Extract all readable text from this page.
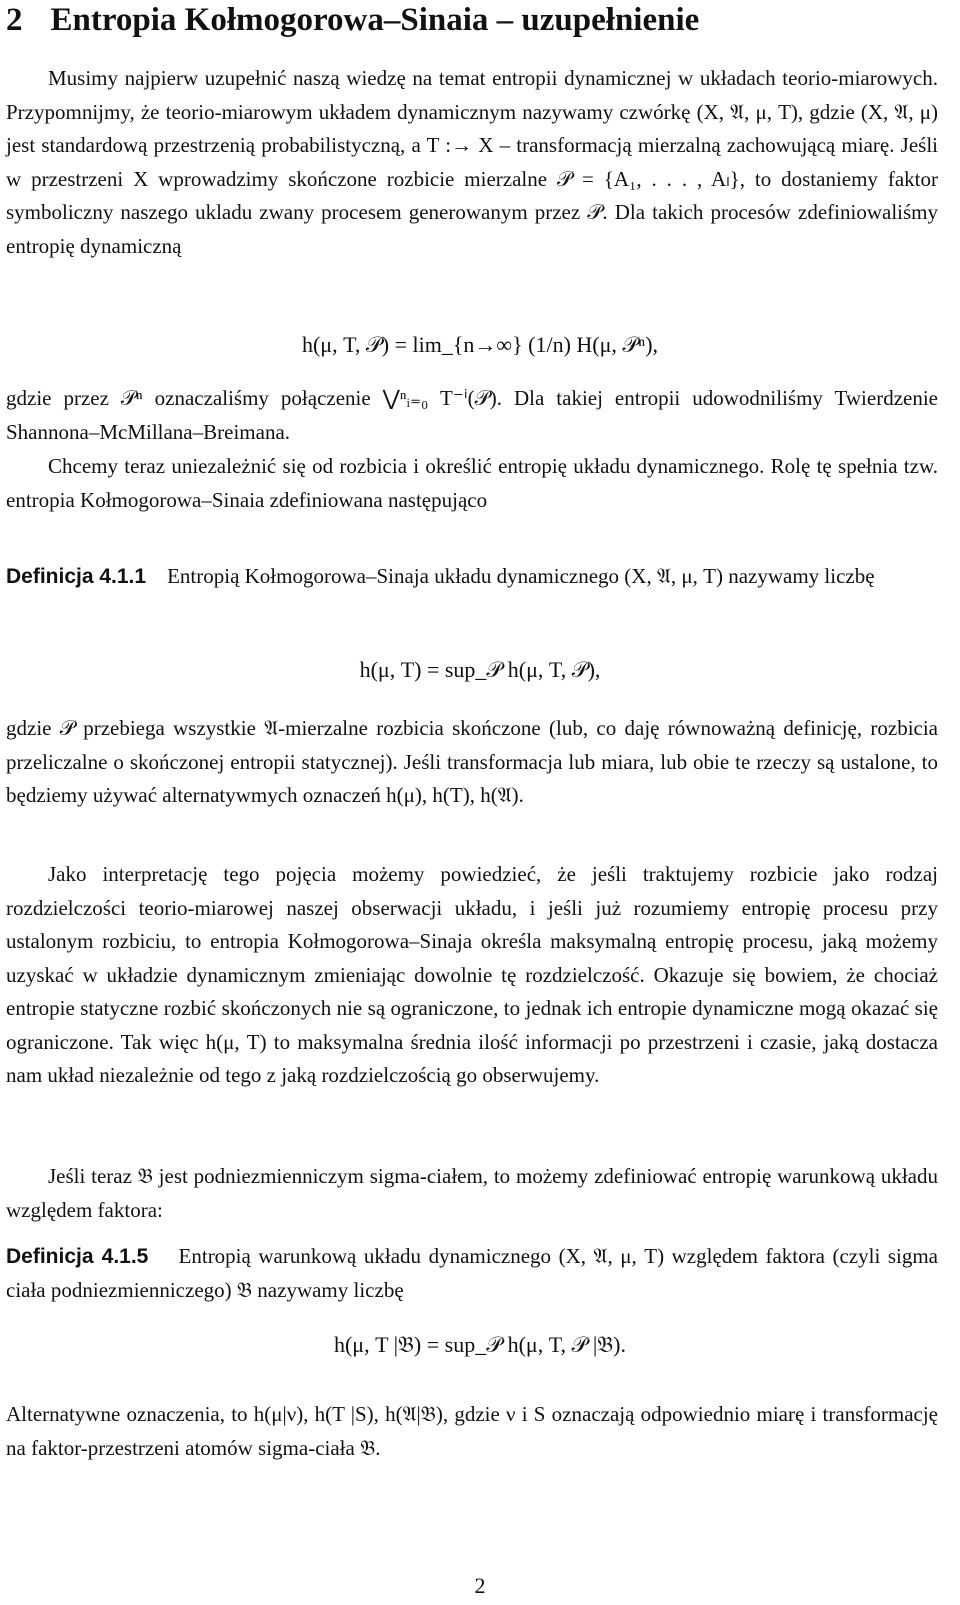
2 Entropia Kołmogorowa–Sinaia – uzupełnienie

Musimy najpierw uzupełnić naszą wiedzę na temat entropii dynamicznej w układach teorio-miarowych. Przypomnijmy, że teorio-miarowym układem dynamicznym nazywamy czwórkę (X, 𝔄, μ, T), gdzie (X, 𝔄, μ) jest standardową przestrzenią probabilistyczną, a T :→ X – transformacją mierzalną zachowującą miarę. Jeśli w przestrzeni X wprowadzimy skończone rozbicie mierzalne 𝒫 = {A₁, . . . , Aₗ}, to dostaniemy faktor symboliczny naszego ukladu zwany procesem generowanym przez 𝒫. Dla takich procesów zdefiniowaliśmy entropię dynamiczną

h(μ, T, 𝒫) = lim_{n→∞} (1/n) H(μ, 𝒫ⁿ),

gdzie przez 𝒫ⁿ oznaczaliśmy połączenie ⋁ⁿᵢ₌₀ T⁻ⁱ(𝒫). Dla takiej entropii udowodniliśmy Twierdzenie Shannona–McMillana–Breimana.

Chcemy teraz uniezależnić się od rozbicia i określić entropię układu dynamicznego. Rolę tę spełnia tzw. entropia Kołmogorowa–Sinaia zdefiniowana następująco

Definicja 4.1.1 Entropią Kołmogorowa–Sinaja układu dynamicznego (X, 𝔄, μ, T) nazywamy liczbę

h(μ, T) = sup_𝒫 h(μ, T, 𝒫),

gdzie 𝒫 przebiega wszystkie 𝔄-mierzalne rozbicia skończone (lub, co daję równoważną definicję, rozbicia przeliczalne o skończonej entropii statycznej). Jeśli transformacja lub miara, lub obie te rzeczy są ustalone, to będziemy używać alternatywmych oznaczeń h(μ), h(T), h(𝔄).

Jako interpretację tego pojęcia możemy powiedzieć, że jeśli traktujemy rozbicie jako rodzaj rozdzielczości teorio-miarowej naszej obserwacji układu, i jeśli już rozumiemy entropię procesu przy ustalonym rozbiciu, to entropia Kołmogorowa–Sinaja określa maksymalną entropię procesu, jaką możemy uzyskać w układzie dynamicznym zmieniając dowolnie tę rozdzielczość. Okazuje się bowiem, że chociaż entropie statyczne rozbić skończonych nie są ograniczone, to jednak ich entropie dynamiczne mogą okazać się ograniczone. Tak więc h(μ, T) to maksymalna średnia ilość informacji po przestrzeni i czasie, jaką dostacza nam układ niezależnie od tego z jaką rozdzielczością go obserwujemy.

Jeśli teraz 𝔅 jest podniezmienniczym sigma-ciałem, to możemy zdefiniować entropię warunkową układu względem faktora:

Definicja 4.1.5 Entropią warunkową układu dynamicznego (X, 𝔄, μ, T) względem faktora (czyli sigma ciała podniezmienniczego) 𝔅 nazywamy liczbę

h(μ, T |𝔅) = sup_𝒫 h(μ, T, 𝒫 |𝔅).

Alternatywne oznaczenia, to h(μ|ν), h(T |S), h(𝔄|𝔅), gdzie ν i S oznaczają odpowiednio miarę i transformację na faktor-przestrzeni atomów sigma-ciała 𝔅.

2
